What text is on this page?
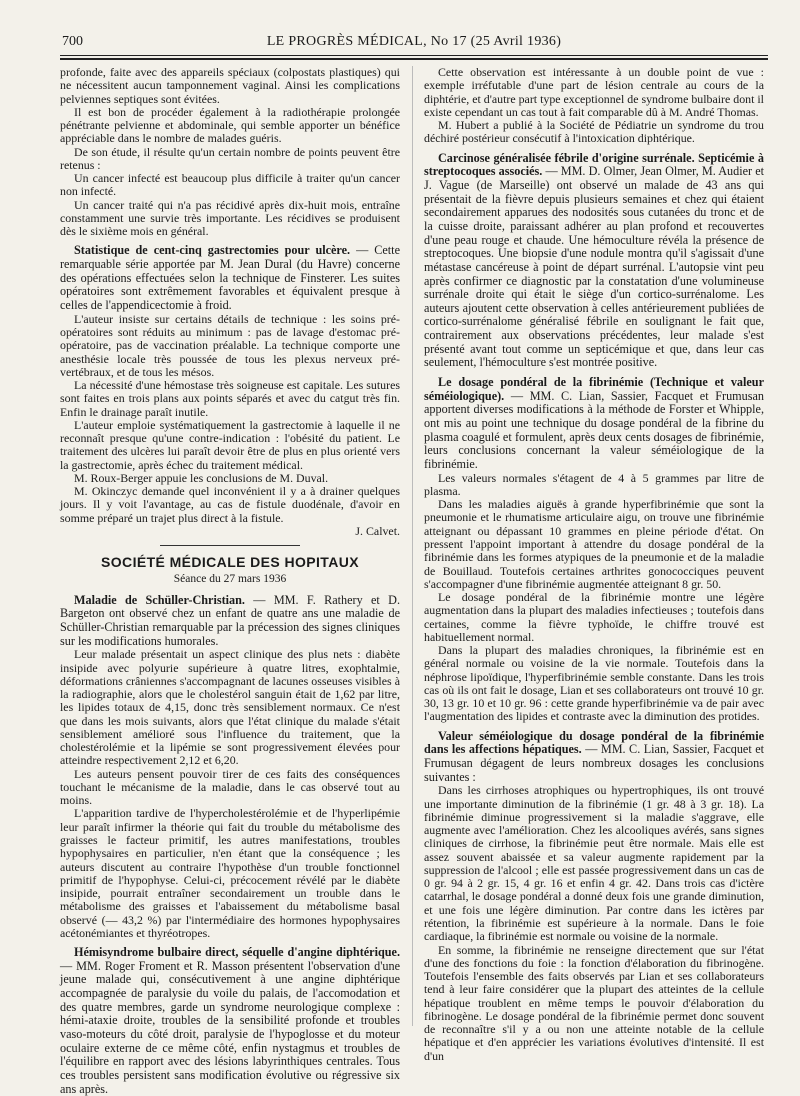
700	LE PROGRÈS MÉDICAL, No 17 (25 Avril 1936)

profonde, faite avec des appareils spéciaux (colpostats plastiques) qui ne nécessitent aucun tamponnement vaginal. Ainsi les complications pelviennes septiques sont évitées.

Il est bon de procéder également à la radiothérapie prolongée pénétrante pelvienne et abdominale, qui semble apporter un bénéfice appréciable dans le nombre de malades guéris.

De son étude, il résulte qu'un certain nombre de points peuvent être retenus :

Un cancer infecté est beaucoup plus difficile à traiter qu'un cancer non infecté.

Un cancer traité qui n'a pas récidivé après dix-huit mois, entraîne constamment une survie très importante. Les récidives se produisent dès le sixième mois en général.

Statistique de cent-cinq gastrectomies pour ulcère. — Cette remarquable série apportée par M. Jean Dural (du Havre) concerne des opérations effectuées selon la technique de Finsterer. Les suites opératoires sont extrêmement favorables et équivalent presque à celles de l'appendicectomie à froid.

L'auteur insiste sur certains détails de technique : les soins pré-opératoires sont réduits au minimum : pas de lavage d'estomac pré-opératoire, pas de vaccination préalable. La technique comporte une anesthésie locale très poussée de tous les plexus nerveux pré-vertébraux, et de tous les mésos.

La nécessité d'une hémostase très soigneuse est capitale. Les sutures sont faites en trois plans aux points séparés et avec du catgut très fin. Enfin le drainage paraît inutile.

L'auteur emploie systématiquement la gastrectomie à laquelle il ne reconnaît presque qu'une contre-indication : l'obésité du patient. Le traitement des ulcères lui paraît devoir être de plus en plus orienté vers la gastrectomie, après échec du traitement médical.

M. Roux-Berger appuie les conclusions de M. Duval.

M. Okinczyc demande quel inconvénient il y a à drainer quelques jours. Il y voit l'avantage, au cas de fistule duodénale, d'avoir en somme préparé un trajet plus direct à la fistule.

J. Calvet.

SOCIÉTÉ MÉDICALE DES HOPITAUX
Séance du 27 mars 1936
Maladie de Schüller-Christian. — MM. F. Rathery et D. Bargeton ont observé chez un enfant de quatre ans une maladie de Schüller-Christian remarquable par la précession des signes cliniques sur les modifications humorales.

Leur malade présentait un aspect clinique des plus nets : diabète insipide avec polyurie supérieure à quatre litres, exophtalmie, déformations crâniennes s'accompagnant de lacunes osseuses visibles à la radiographie, alors que le cholestérol sanguin était de 1,62 par litre, les lipides totaux de 4,15, donc très sensiblement normaux. Ce n'est que dans les mois suivants, alors que l'état clinique du malade s'était sensiblement amélioré sous l'influence du traitement, que la cholestérolémie et la lipémie se sont progressivement élevées pour atteindre respectivement 2,12 et 6,20.

Les auteurs pensent pouvoir tirer de ces faits des conséquences touchant le mécanisme de la maladie, dans le cas observé tout au moins.

L'apparition tardive de l'hypercholestérolémie et de l'hyperlipémie leur paraît infirmer la théorie qui fait du trouble du métabolisme des graisses le facteur primitif, les autres manifestations, troubles hypophysaires en particulier, n'en étant que la conséquence ; les auteurs discutent au contraire l'hypothèse d'un trouble fonctionnel primitif de l'hypophyse. Celui-ci, précocement révélé par le diabète insipide, pourrait entraîner secondairement un trouble dans le métabolisme des graisses et l'abaissement du métabolisme basal observé (— 43,2 %) par l'intermédiaire des hormones hypophysaires acétonémiantes et thyréotropes.

Hémisyndrome bulbaire direct, séquelle d'angine diphtérique. — MM. Roger Froment et R. Masson présentent l'observation d'une jeune malade qui, consécutivement à une angine diphtérique accompagnée de paralysie du voile du palais, de l'accomodation et des quatre membres, garde un syndrome neurologique complexe : hémi-ataxie droite, troubles de la sensibilité profonde et troubles vaso-moteurs du côté droit, paralysie de l'hypoglosse et du moteur oculaire externe de ce même côté, enfin nystagmus et troubles de l'équilibre en rapport avec des lésions labyrinthiques centrales. Tous ces troubles persistent sans modification évolutive ou régressive six ans après.

Cette observation est intéressante à un double point de vue : exemple irréfutable d'une part de lésion centrale au cours de la diphtérie, et d'autre part type exceptionnel de syndrome bulbaire dont il existe cependant un cas tout à fait comparable dû à M. André Thomas.

M. Hubert a publié à la Société de Pédiatrie un syndrome du trou déchiré postérieur consécutif à l'intoxication diphtérique.

Carcinose généralisée fébrile d'origine surrénale. Septicémie à streptocoques associés. — MM. D. Olmer, Jean Olmer, M. Audier et J. Vague (de Marseille) ont observé un malade de 43 ans qui présentait de la fièvre depuis plusieurs semaines et chez qui étaient secondairement apparues des nodosités sous cutanées du tronc et de la cuisse droite, paraissant adhérer au plan profond et recouvertes d'une peau rouge et chaude. Une hémoculture révéla la présence de streptocoques. Une biopsie d'une nodule montra qu'il s'agissait d'une métastase cancéreuse à point de départ surrénal. L'autopsie vint peu après confirmer ce diagnostic par la constatation d'une volumineuse surrénale droite qui était le siège d'un cortico-surrénalome. Les auteurs ajoutent cette observation à celles antérieurement publiées de cortico-surrénalome généralisé fébrile en soulignant le fait que, contrairement aux observations précédentes, leur malade s'est présenté avant tout comme un septicémique et que, dans leur cas seulement, l'hémoculture s'est montrée positive.
Le dosage pondéral de la fibrinémie (Technique et valeur séméiologique). — MM. C. Lian, Sassier, Facquet et Frumusan apportent diverses modifications à la méthode de Forster et Whipple, ont mis au point une technique du dosage pondéral de la fibrine du plasma coagulé et formulent, après deux cents dosages de fibrinémie, leurs conclusions concernant la valeur séméiologique de la fibrinémie.

Les valeurs normales s'étagent de 4 à 5 grammes par litre de plasma.

Dans les maladies aiguës à grande hyperfibrinémie que sont la pneumonie et le rhumatisme articulaire aigu, on trouve une fibrinémie atteignant ou dépassant 10 grammes en pleine période d'état. On pressent l'appoint important à attendre du dosage pondéral de la fibrinémie dans les formes atypiques de la pneumonie et de la maladie de Bouillaud. Toutefois certaines arthrites gonococciques peuvent s'accompagner d'une fibrinémie augmentée atteignant 8 gr. 50.

Le dosage pondéral de la fibrinémie montre une légère augmentation dans la plupart des maladies infectieuses ; toutefois dans certaines, comme la fièvre typhoïde, le chiffre trouvé est habituellement normal.

Dans la plupart des maladies chroniques, la fibrinémie est en général normale ou voisine de la vie normale. Toutefois dans la néphrose lipoïdique, l'hyperfibrinémie semble constante. Dans les trois cas où ils ont fait le dosage, Lian et ses collaborateurs ont trouvé 10 gr. 30, 13 gr. 10 et 10 gr. 96 : cette grande hyperfibrinémie va de pair avec l'augmentation des lipides et contraste avec la diminution des protides.

Valeur séméiologique du dosage pondéral de la fibrinémie dans les affections hépatiques. — MM. C. Lian, Sassier, Facquet et Frumusan dégagent de leurs nombreux dosages les conclusions suivantes :

Dans les cirrhoses atrophiques ou hypertrophiques, ils ont trouvé une importante diminution de la fibrinémie (1 gr. 48 à 3 gr. 18). La fibrinémie diminue progressivement si la maladie s'aggrave, elle augmente avec l'amélioration. Chez les alcooliques avérés, sans signes cliniques de cirrhose, la fibrinémie peut être normale. Mais elle est assez souvent abaissée et sa valeur augmente rapidement par la suppression de l'alcool ; elle est passée progressivement dans un cas de 0 gr. 94 à 2 gr. 15, 4 gr. 16 et enfin 4 gr. 42. Dans trois cas d'ictère catarrhal, le dosage pondéral a donné deux fois une grande diminution, et une fois une légère diminution. Par contre dans les ictères par rétention, la fibrinémie est supérieure à la normale. Dans le foie cardiaque, la fibrinémie est normale ou voisine de la normale.

En somme, la fibrinémie ne renseigne directement que sur l'état d'une des fonctions du foie : la fonction d'élaboration du fibrinogène. Toutefois l'ensemble des faits observés par Lian et ses collaborateurs tend à leur faire considérer que la plupart des atteintes de la cellule hépatique troublent en même temps le pouvoir d'élaboration du fibrinogène. Le dosage pondéral de la fibrinémie permet donc souvent de reconnaître s'il y a ou non une atteinte notable de la cellule hépatique et d'en apprécier les variations évolutives d'intensité. Il est d'un
